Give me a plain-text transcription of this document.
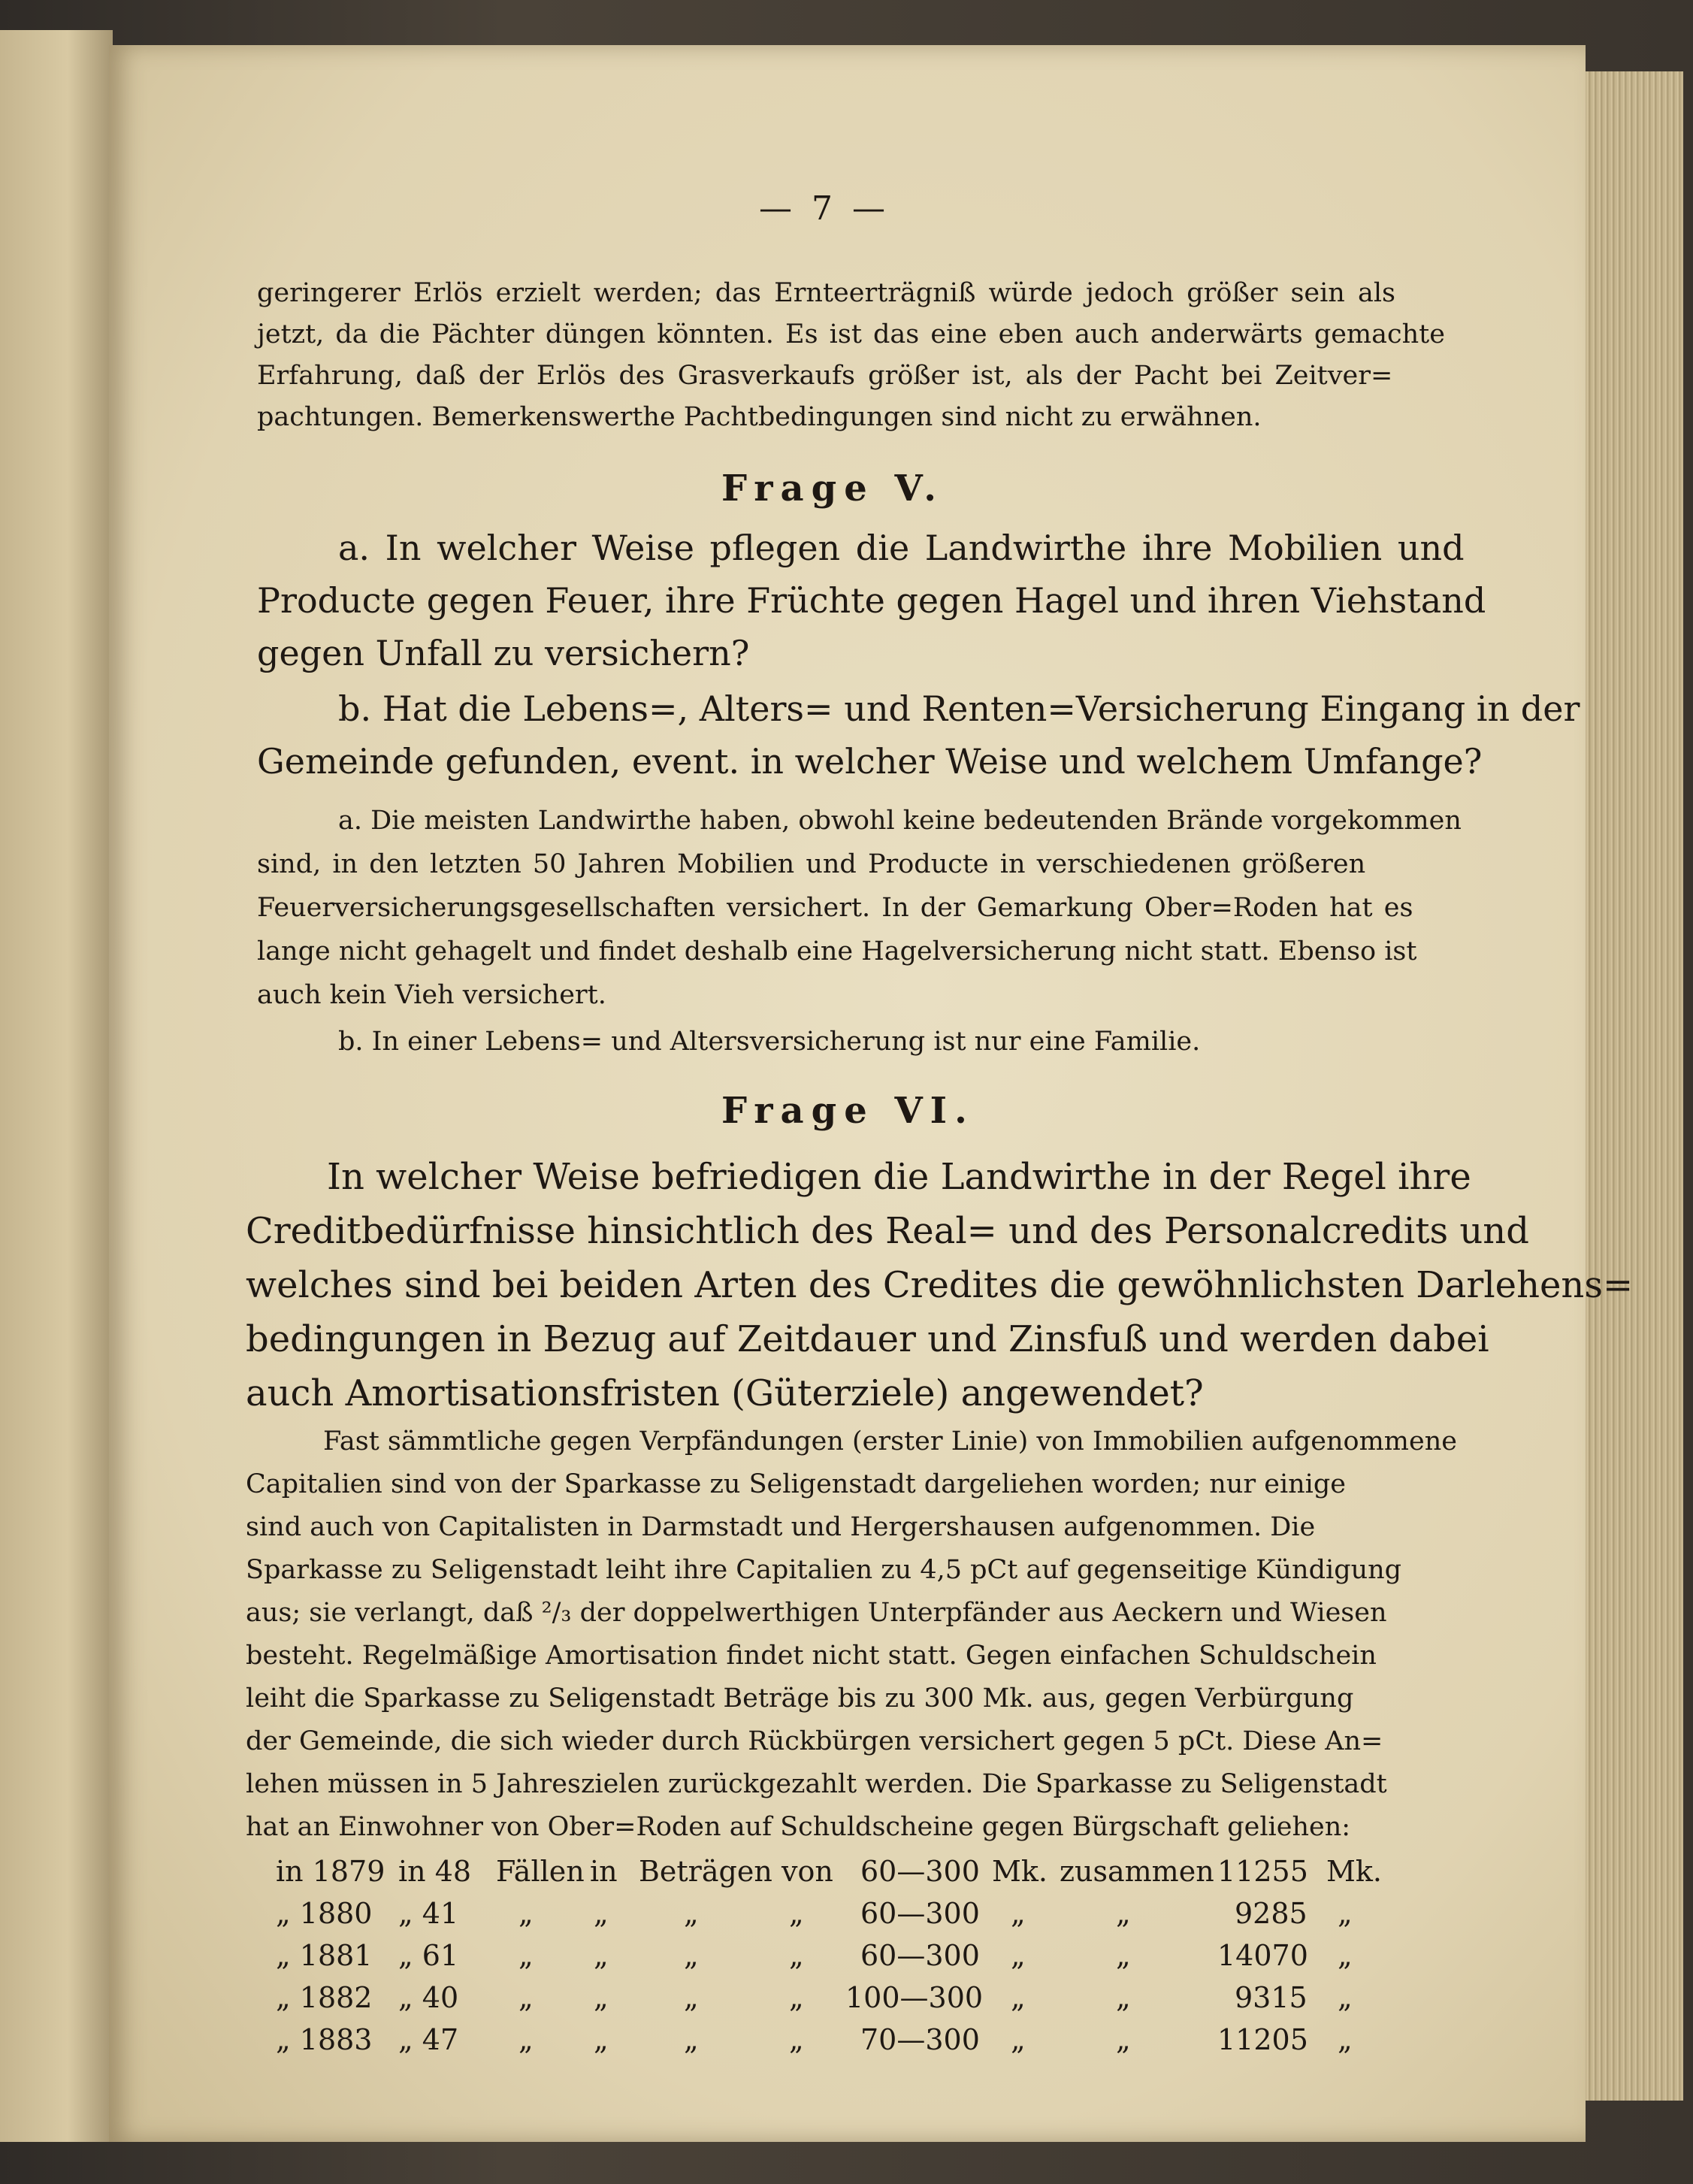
— 7 —
geringerer Erlös erzielt werden; das Ernteerträgniß würde jedoch größer sein als
jetzt, da die Pächter düngen könnten. Es ist das eine eben auch anderwärts gemachte
Erfahrung, daß der Erlös des Grasverkaufs größer ist, als der Pacht bei Zeitver=
pachtungen. Bemerkenswerthe Pachtbedingungen sind nicht zu erwähnen.
Frage V.
a. In welcher Weise pflegen die Landwirthe ihre Mobilien und
Producte gegen Feuer, ihre Früchte gegen Hagel und ihren Viehstand
gegen Unfall zu versichern?
b. Hat die Lebens=, Alters= und Renten=Versicherung Eingang in der
Gemeinde gefunden, event. in welcher Weise und welchem Umfange?
a. Die meisten Landwirthe haben, obwohl keine bedeutenden Brände vorgekommen
sind, in den letzten 50 Jahren Mobilien und Producte in verschiedenen größeren
Feuerversicherungsgesellschaften versichert. In der Gemarkung Ober=Roden hat es
lange nicht gehagelt und findet deshalb eine Hagelversicherung nicht statt. Ebenso ist
auch kein Vieh versichert.
b. In einer Lebens= und Altersversicherung ist nur eine Familie.
Frage VI.
In welcher Weise befriedigen die Landwirthe in der Regel ihre
Creditbedürfnisse hinsichtlich des Real= und des Personalcredits und
welches sind bei beiden Arten des Credites die gewöhnlichsten Darlehens=
bedingungen in Bezug auf Zeitdauer und Zinsfuß und werden dabei
auch Amortisationsfristen (Güterziele) angewendet?
Fast sämmtliche gegen Verpfändungen (erster Linie) von Immobilien aufgenommene
Capitalien sind von der Sparkasse zu Seligenstadt dargeliehen worden; nur einige
sind auch von Capitalisten in Darmstadt und Hergershausen aufgenommen. Die
Sparkasse zu Seligenstadt leiht ihre Capitalien zu 4,5 pCt auf gegenseitige Kündigung
aus; sie verlangt, daß ²/₃ der doppelwerthigen Unterpfänder aus Aeckern und Wiesen
besteht. Regelmäßige Amortisation findet nicht statt. Gegen einfachen Schuldschein
leiht die Sparkasse zu Seligenstadt Beträge bis zu 300 Mk. aus, gegen Verbürgung
der Gemeinde, die sich wieder durch Rückbürgen versichert gegen 5 pCt. Diese An=
lehen müssen in 5 Jahreszielen zurückgezahlt werden. Die Sparkasse zu Seligenstadt
hat an Einwohner von Ober=Roden auf Schuldscheine gegen Bürgschaft geliehen:
in 1879 in 48 Fällen in Beträgen von 60—300 Mk. zusammen 11255 Mk.
„ 1880 „ 41 „ „	„	„ 60—300 „	„	9285 „
„ 1881 „ 61 „ „	„	„ 60—300 „	„	14070 „
„ 1882 „ 40 „ „	„	„ 100—300 „	„	9315 „
„ 1883 „ 47 „ „	„	„ 70—300 „	„	11205 „
